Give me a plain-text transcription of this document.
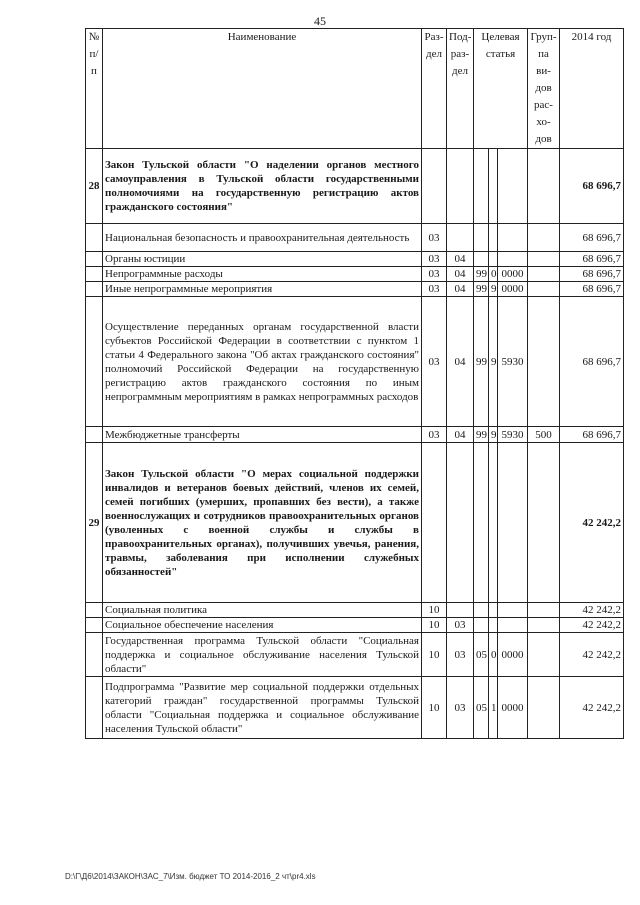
45
№ п/п	Наименование	Раз-дел	Под-раз-дел	Целевая статья			Груп-па ви-дов рас-хо-дов	2014 год
28	Закон Тульской области "О наделении органов местного самоуправления в Тульской области государственными полномочиями на государственную регистрацию актов гражданского состояния"							68 696,7
	Национальная безопасность и правоохранительная деятельность	03						68 696,7
	Органы юстиции	03	04					68 696,7
	Непрограммные расходы	03	04	99	0	0000		68 696,7
	Иные непрограммные мероприятия	03	04	99	9	0000		68 696,7
	Осуществление переданных органам государственной власти субъектов Российской Федерации в соответствии с пунктом 1 статьи 4 Федерального закона "Об актах гражданского состояния" полномочий Российской Федерации на государственную регистрацию актов гражданского состояния по иным непрограммным мероприятиям в рамках непрограммных расходов	03	04	99	9	5930		68 696,7
	Межбюджетные трансферты	03	04	99	9	5930	500	68 696,7
29	Закон Тульской области "О мерах социальной поддержки инвалидов и ветеранов боевых действий, членов их семей, семей погибших (умерших, пропавших без вести), а также военнослужащих и сотрудников правоохранительных органов (уволенных с военной службы и службы в правоохранительных органах), получивших увечья, ранения, травмы, заболевания при исполнении служебных обязанностей"							42 242,2
	Социальная политика	10						42 242,2
	Социальное обеспечение населения	10	03					42 242,2
	Государственная программа Тульской области "Социальная поддержка и социальное обслуживание населения Тульской области"	10	03	05	0	0000		42 242,2
	Подпрограмма "Развитие мер социальной поддержки отдельных категорий граждан" государственной программы Тульской области "Социальная поддержка и социальное обслуживание населения Тульской области"	10	03	05	1	0000		42 242,2
D:\Г\Д6\2014\ЗАКОН\ЗАС_7\Изм. бюджет ТО 2014-2016_2 чт\pr4.xls
